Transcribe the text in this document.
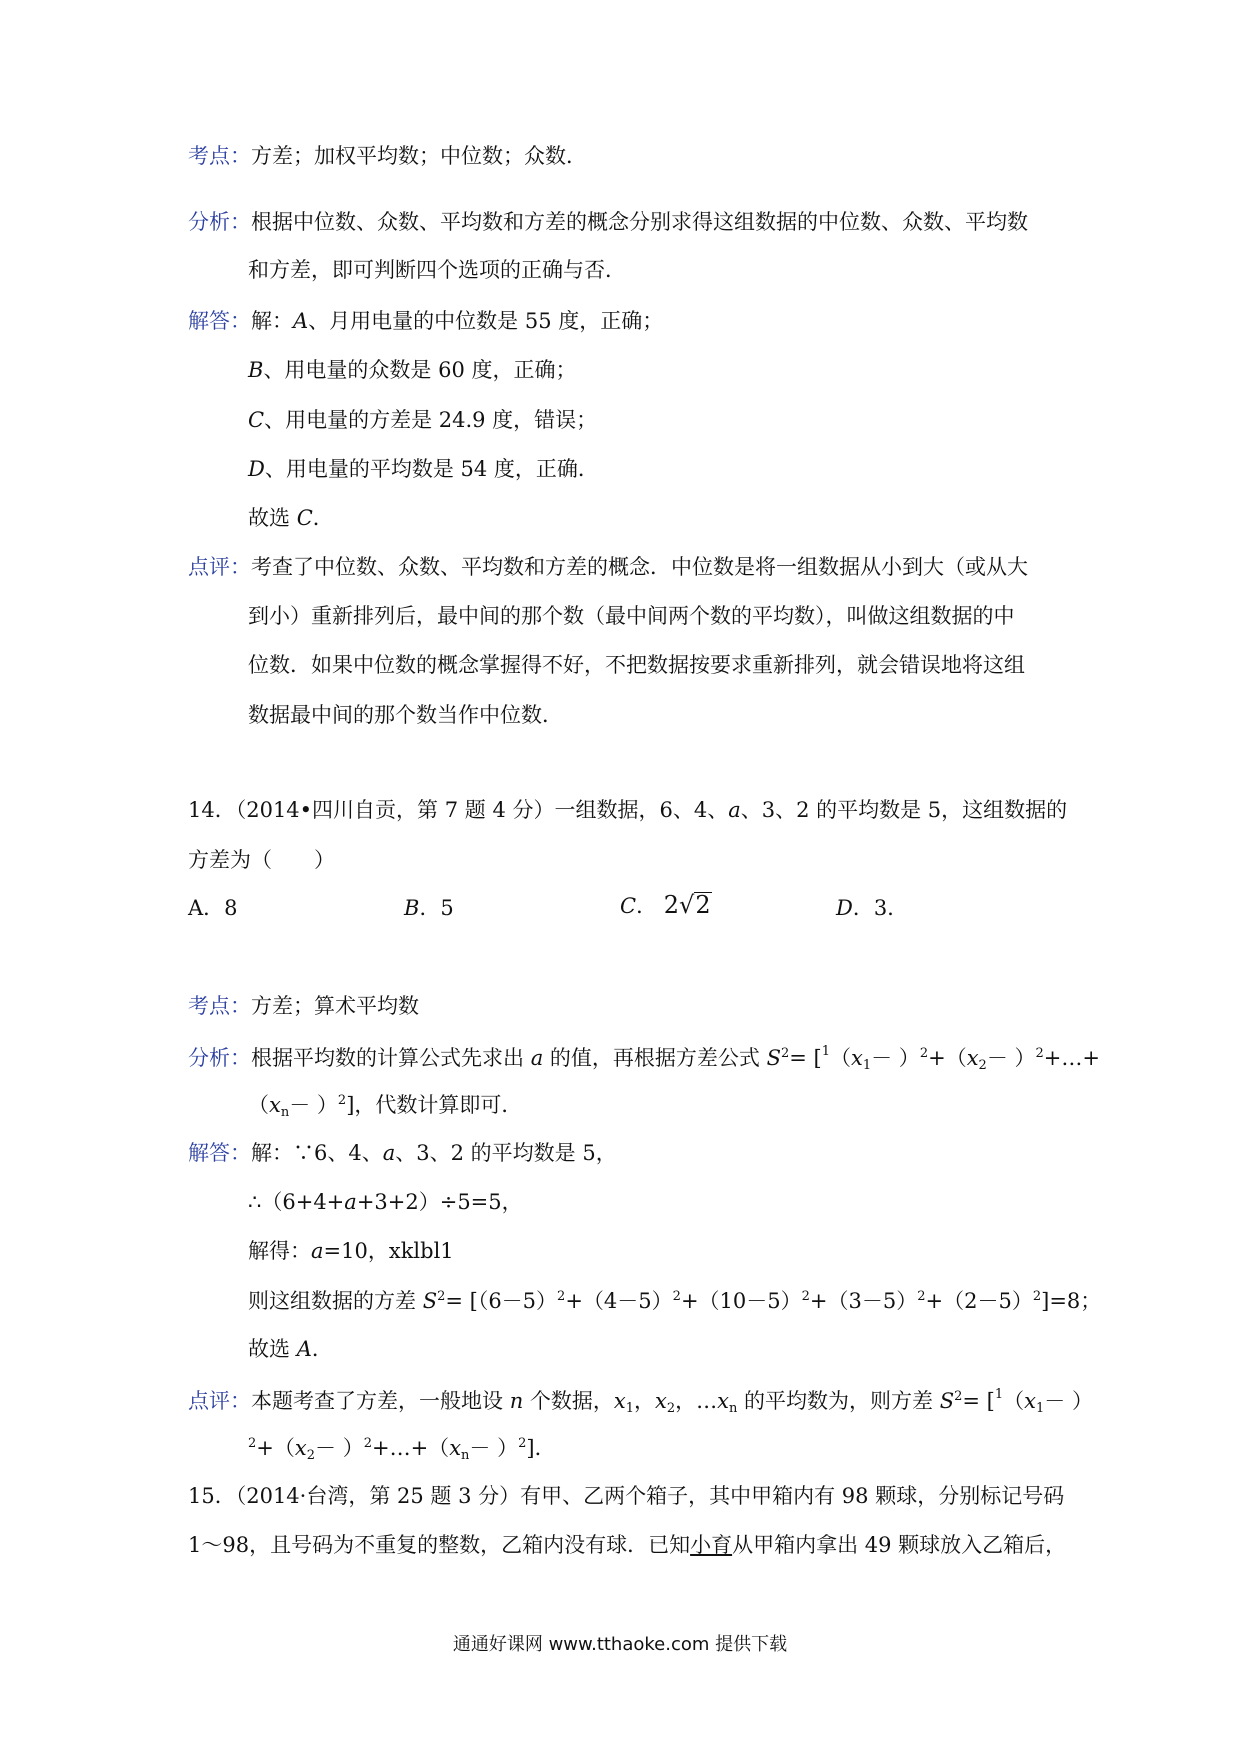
考点：方差；加权平均数；中位数；众数．
分析：根据中位数、众数、平均数和方差的概念分别求得这组数据的中位数、众数、平均数
和方差，即可判断四个选项的正确与否．
解答：解：A、月用电量的中位数是 55 度，正确；
B、用电量的众数是 60 度，正确；
C、用电量的方差是 24.9 度，错误；
D、用电量的平均数是 54 度，正确．
故选 C．
点评：考查了中位数、众数、平均数和方差的概念．中位数是将一组数据从小到大（或从大
到小）重新排列后，最中间的那个数（最中间两个数的平均数），叫做这组数据的中
位数．如果中位数的概念掌握得不好，不把数据按要求重新排列，就会错误地将这组
数据最中间的那个数当作中位数．
14．（2014•四川自贡，第 7 题 4 分）一组数据，6、4、a、3、2 的平均数是 5，这组数据的
方差为（　　）
A．8	B．5	C． 2√2	D．3．
考点：方差；算术平均数
分析：根据平均数的计算公式先求出 a 的值，再根据方差公式 $S^2= [^1(x_1- )^2+(x_2-$ ）$^2+\dots+$
$(x_n- )^2$]，代数计算即可．
解答：解：∵6、4、a、3、2 的平均数是 5，
∴（6+4+a+3+2）÷5=5，
解得：a=10，xklbl1
则这组数据的方差 $S^2= [(6-5)^2+(4-5)^2+(10-5)^2+(3-5)^2+(2-5)^2]=8$；
故选 A．
点评：本题考查了方差，一般地设 n 个数据，$x_1$，$x_2$，$\dots x_n$ 的平均数为，则方差 $S^2= [^1(x_1-$ ）
$^2+(x_2-$ ）$^2+\dots+(x_n- )^2$]．
15．（2014·台湾，第 25 题 3 分）有甲、乙两个箱子，其中甲箱内有 98 颗球，分别标记号码
1～98，且号码为不重复的整数，乙箱内没有球．已知小育从甲箱内拿出 49 颗球放入乙箱后，
通通好课网 www.tthaoke.com 提供下载
